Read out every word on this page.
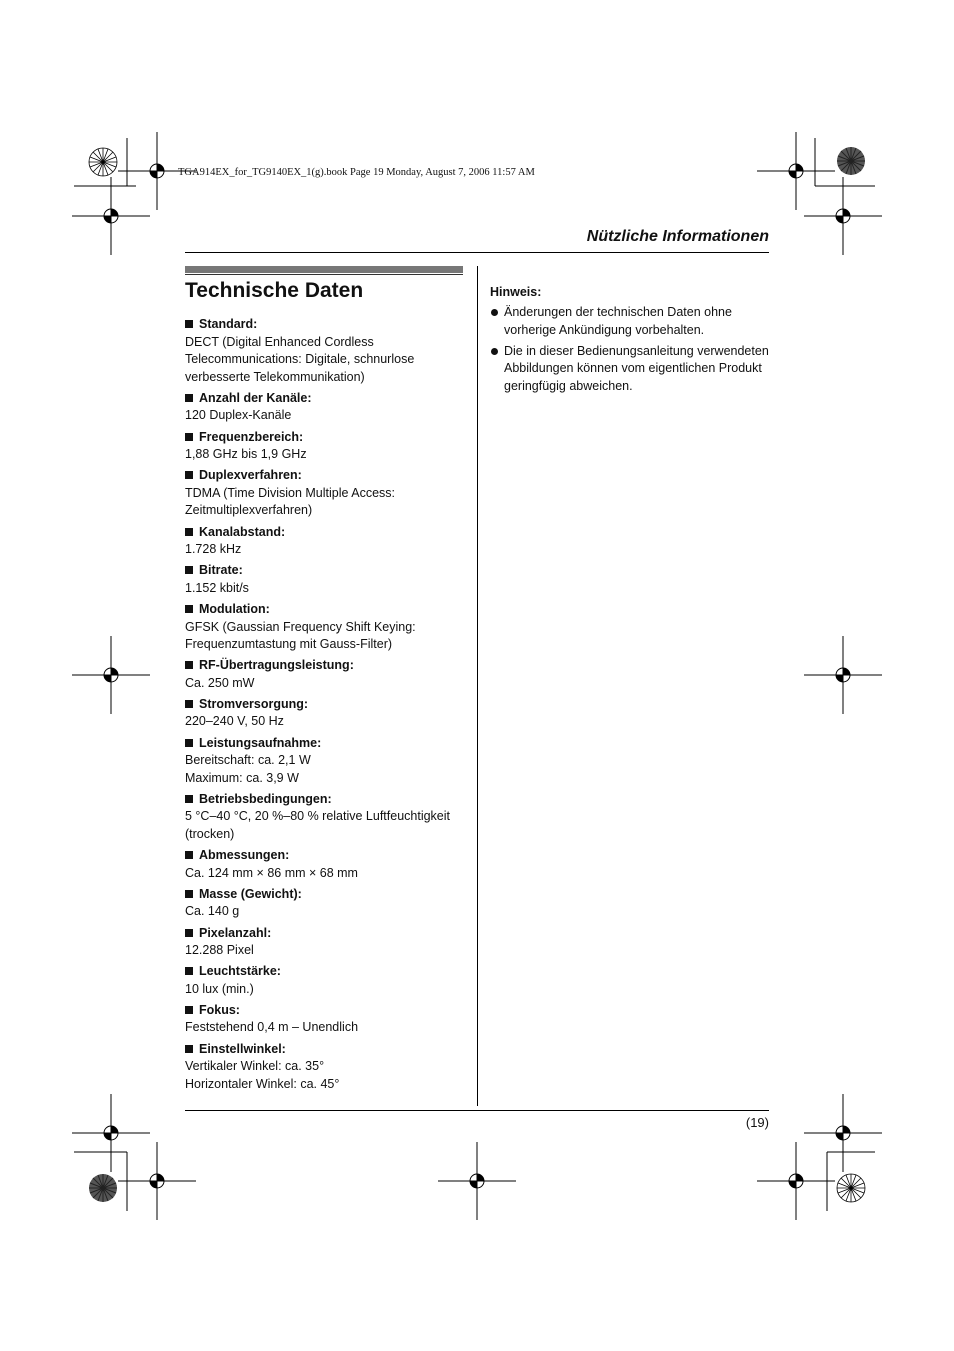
TGA914EX_for_TG9140EX_1(g).book Page 19 Monday, August 7, 2006 11:57 AM
Nützliche Informationen
Technische Daten
Standard:
DECT (Digital Enhanced Cordless
Telecommunications: Digitale, schnurlose
verbesserte Telekommunikation)
Anzahl der Kanäle:
120 Duplex-Kanäle
Frequenzbereich:
1,88 GHz bis 1,9 GHz
Duplexverfahren:
TDMA (Time Division Multiple Access:
Zeitmultiplexverfahren)
Kanalabstand:
1.728 kHz
Bitrate:
1.152 kbit/s
Modulation:
GFSK (Gaussian Frequency Shift Keying:
Frequenzumtastung mit Gauss-Filter)
RF-Übertragungsleistung:
Ca. 250 mW
Stromversorgung:
220–240 V, 50 Hz
Leistungsaufnahme:
Bereitschaft: ca. 2,1 W
Maximum: ca. 3,9 W
Betriebsbedingungen:
5 °C–40 °C, 20 %–80 % relative Luftfeuchtigkeit
(trocken)
Abmessungen:
Ca. 124 mm × 86 mm × 68 mm
Masse (Gewicht):
Ca. 140 g
Pixelanzahl:
12.288 Pixel
Leuchtstärke:
10 lux (min.)
Fokus:
Feststehend 0,4 m – Unendlich
Einstellwinkel:
Vertikaler Winkel: ca. 35°
Horizontaler Winkel: ca. 45°
Hinweis:
Änderungen der technischen Daten ohne vorherige Ankündigung vorbehalten.
Die in dieser Bedienungsanleitung verwendeten Abbildungen können vom eigentlichen Produkt geringfügig abweichen.
(19)
